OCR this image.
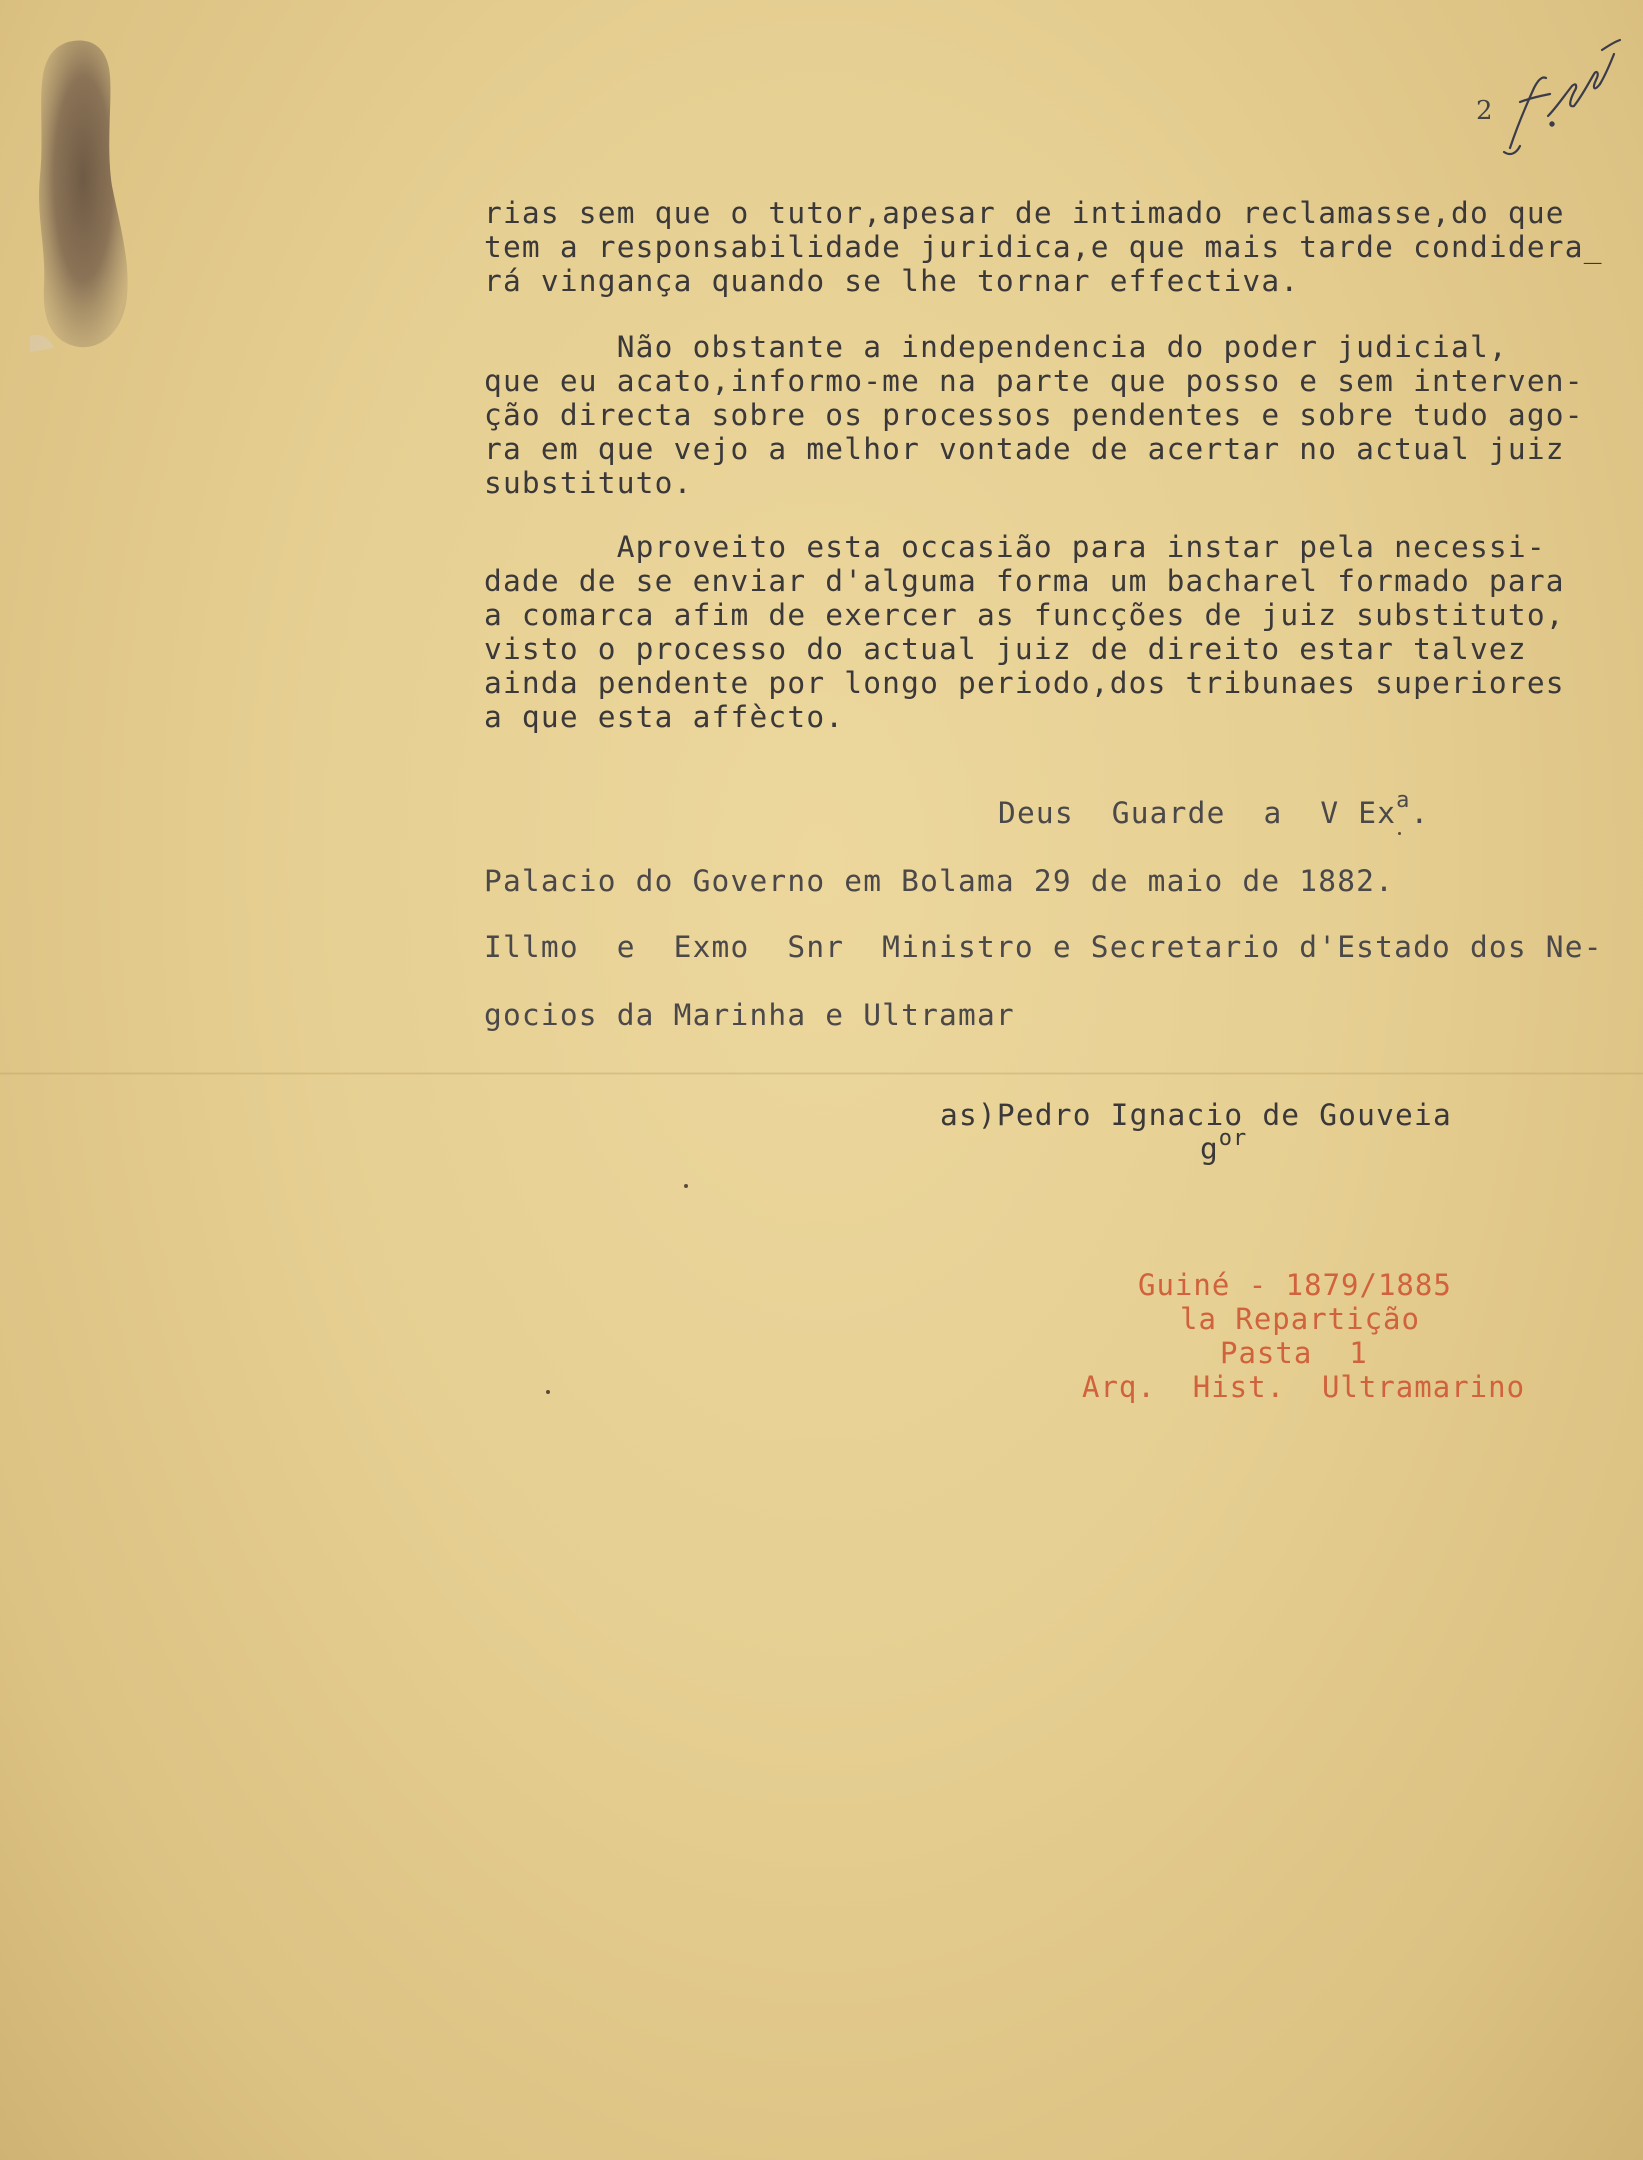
2
rias sem que o tutor,apesar de intimado reclamasse,do que
tem a responsabilidade juridica,e que mais tarde condidera_
rá vingança quando se lhe tornar effectiva.
Não obstante a independencia do poder judicial,
que eu acato,informo-me na parte que posso e sem interven-
ção directa sobre os processos pendentes e sobre tudo ago-
ra em que vejo a melhor vontade de acertar no actual juiz
substituto.
Aproveito esta occasião para instar pela necessi-
dade de se enviar d'alguma forma um bacharel formado para
a comarca afim de exercer as funcções de juiz substituto,
visto o processo do actual juiz de direito estar talvez
ainda pendente por longo periodo,dos tribunaes superiores
a que esta affècto.
Deus  Guarde  a  V Ex$^a$.
Palacio do Governo em Bolama 29 de maio de 1882.
Illmo  e  Exmo  Snr  Ministro e Secretario d'Estado dos Ne-
gocios da Marinha e Ultramar
as)Pedro Ignacio de Gouveia
$g^{or}$
Guiné - 1879/1885
la Repartição
Pasta  1
Arq.  Hist.  Ultramarino
